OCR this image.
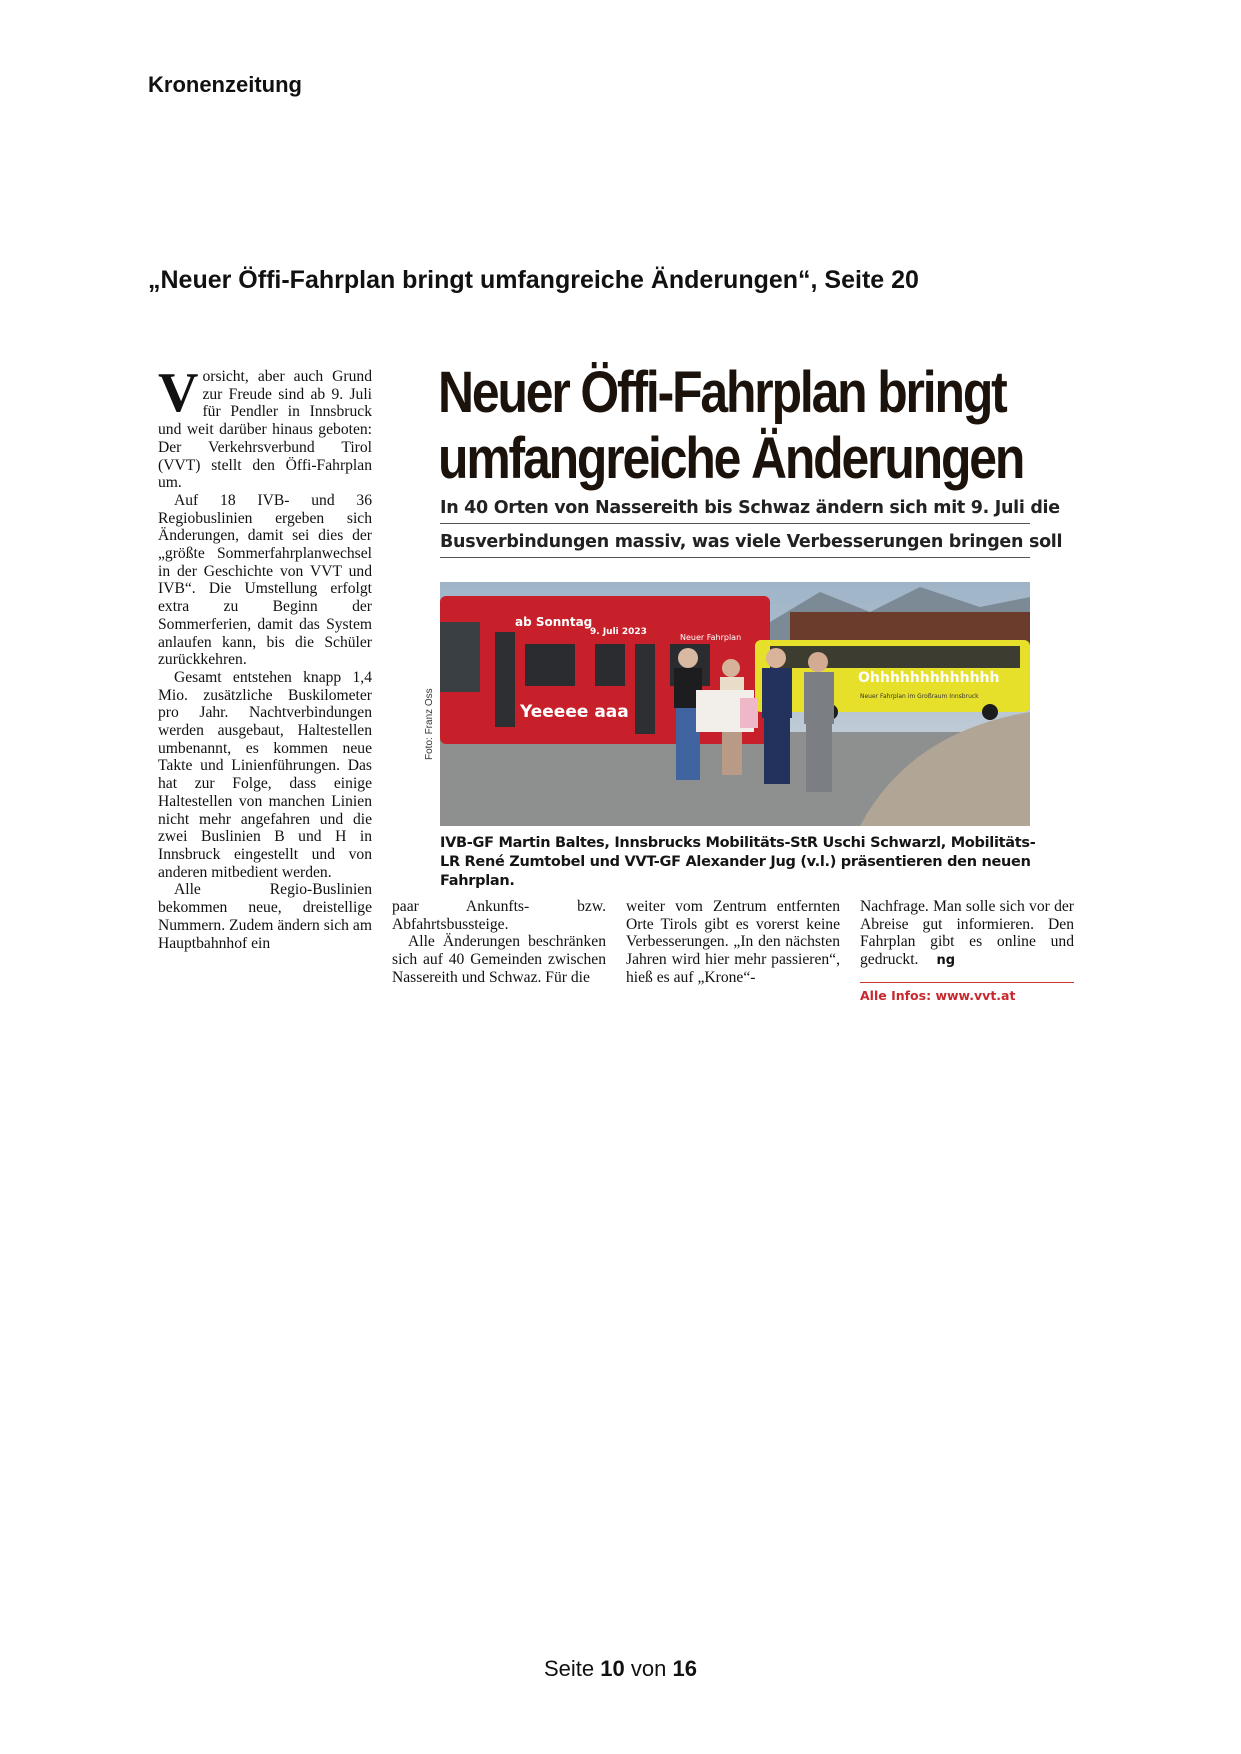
Kronenzeitung
„Neuer Öffi-Fahrplan bringt umfangreiche Änderungen“, Seite 20

Vorsicht, aber auch Grund zur Freude sind ab 9. Juli für Pendler in Innsbruck und weit darüber hinaus geboten: Der Verkehrsverbund Tirol (VVT) stellt den Öffi-Fahrplan um.

Auf 18 IVB- und 36 Regiobuslinien ergeben sich Änderungen, damit sei dies der „größte Sommerfahrplanwechsel in der Geschichte von VVT und IVB“. Die Umstellung erfolgt extra zu Beginn der Sommerferien, damit das System anlaufen kann, bis die Schüler zurückkehren.

Gesamt entstehen knapp 1,4 Mio. zusätzliche Buskilometer pro Jahr. Nachtverbindungen werden ausgebaut, Haltestellen umbenannt, es kommen neue Takte und Linienführungen. Das hat zur Folge, dass einige Haltestellen von manchen Linien nicht mehr angefahren und die zwei Buslinien B und H in Innsbruck eingestellt und von anderen mitbedient werden.

Alle Regio-Buslinien bekommen neue, dreistellige Nummern. Zudem ändern sich am Hauptbahnhof ein

Neuer Öffi-Fahrplan bringt
umfangreiche Änderungen
In 40 Orten von Nassereith bis Schwaz ändern sich mit 9. Juli die
Busverbindungen massiv, was viele Verbesserungen bringen soll
Foto: Franz Oss
ab Sonntag
9. Juli 2023
Neuer Fahrplan
Yeeeee aaa
Ohhhhhhhhhhhhh
Neuer Fahrplan im Großraum Innsbruck
IVB-GF Martin Baltes, Innsbrucks Mobilitäts-StR Uschi Schwarzl, Mobilitäts-LR René Zumtobel und VVT-GF Alexander Jug (v.l.) präsentieren den neuen Fahrplan.

paar Ankunfts- bzw. Abfahrtsbussteige.

Alle Änderungen beschränken sich auf 40 Gemeinden zwischen Nassereith und Schwaz. Für die

weiter vom Zentrum entfernten Orte Tirols gibt es vorerst keine Verbesserungen. „In den nächsten Jahren wird hier mehr passieren“, hieß es auf „Krone“-

Nachfrage. Man solle sich vor der Abreise gut informieren. Den Fahrplan gibt es online und gedruckt. ng

Alle Infos: www.vvt.at
Seite 10 von 16
